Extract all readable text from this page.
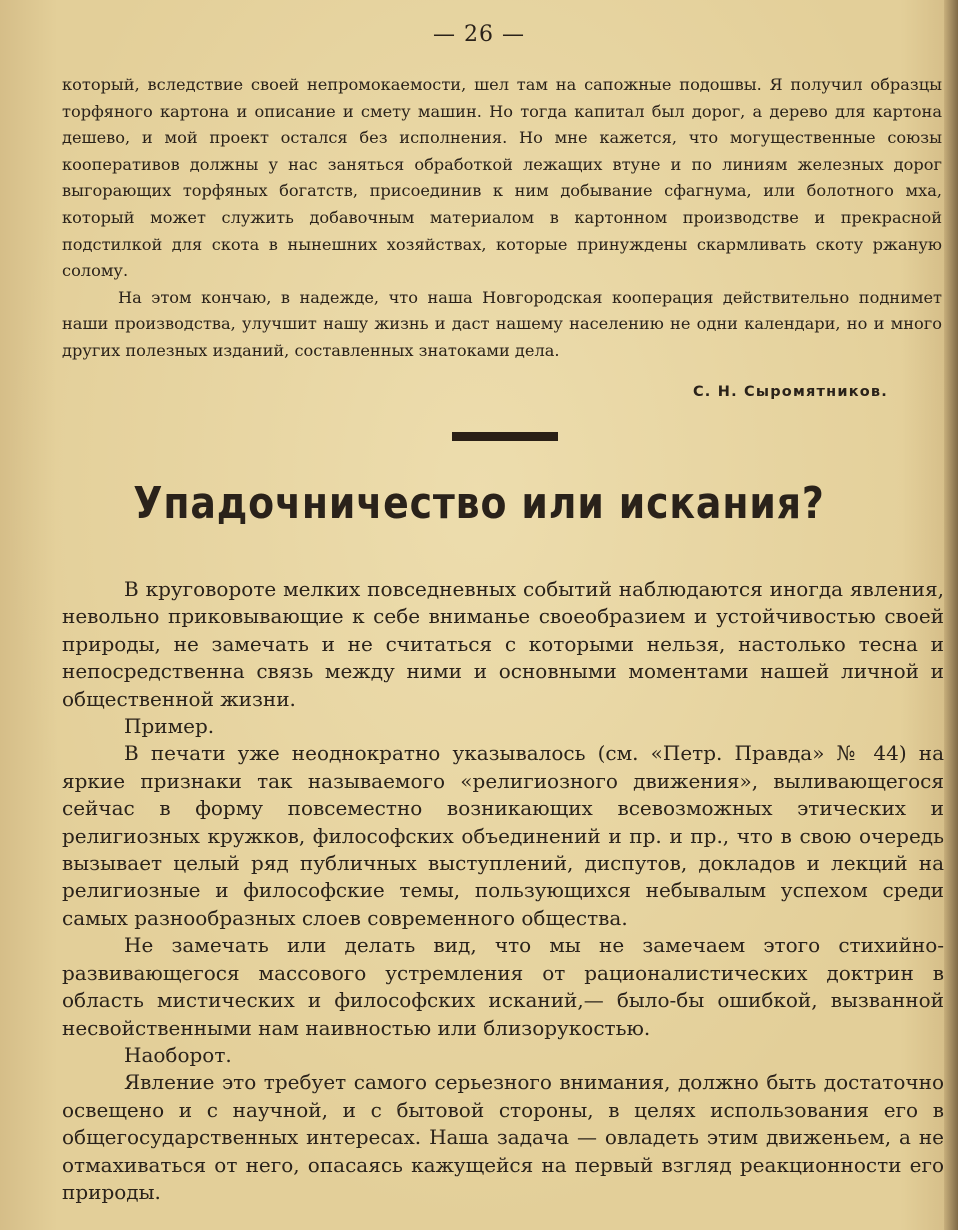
— 26 —

который, вследствие своей непромокаемости, шел там на сапожные подошвы. Я получил образцы торфяного картона и описание и смету машин. Но тогда капитал был дорог, а дерево для картона дешево, и мой проект остался без исполнения. Но мне кажется, что могущественные союзы кооперативов должны у нас заняться обработкой лежащих втуне и по линиям железных дорог выгорающих торфяных богатств, присоединив к ним добывание сфагнума, или болотного мха, который может служить добавочным материалом в картонном производстве и прекрасной подстилкой для скота в нынешних хозяйствах, которые принуждены скармливать скоту ржаную солому.

На этом кончаю, в надежде, что наша Новгородская кооперация действительно поднимет наши производства, улучшит нашу жизнь и даст нашему населению не одни календари, но и много других полезных изданий, составленных знатоками дела.

С. Н. Сыромятников.
Упадочничество или искания?

В круговороте мелких повседневных событий наблюдаются иногда явления, невольно приковывающие к себе вниманье своеобразием и устойчивостью своей природы, не замечать и не считаться с которыми нельзя, настолько тесна и непосредственна связь между ними и основными моментами нашей личной и общественной жизни.

Пример.

В печати уже неоднократно указывалось (см. «Петр. Правда» № 44) на яркие признаки так называемого «религиозного движения», выливающегося сейчас в форму повсеместно возникающих всевозможных этических и религиозных кружков, философских объединений и пр. и пр., что в свою очередь вызывает целый ряд публичных выступлений, диспутов, докладов и лекций на религиозные и философские темы, пользующихся небывалым успехом среди самых разнообразных слоев современного общества.

Не замечать или делать вид, что мы не замечаем этого стихийно-развивающегося массового устремления от рационалистических доктрин в область мистических и философских исканий,— было-бы ошибкой, вызванной несвойственными нам наивностью или близорукостью.

Наоборот.

Явление это требует самого серьезного внимания, должно быть достаточно освещено и с научной, и с бытовой стороны, в целях использования его в общегосударственных интересах. Наша задача — овладеть этим движеньем, а не отмахиваться от него, опасаясь кажущейся на первый взгляд реакционности его природы.
